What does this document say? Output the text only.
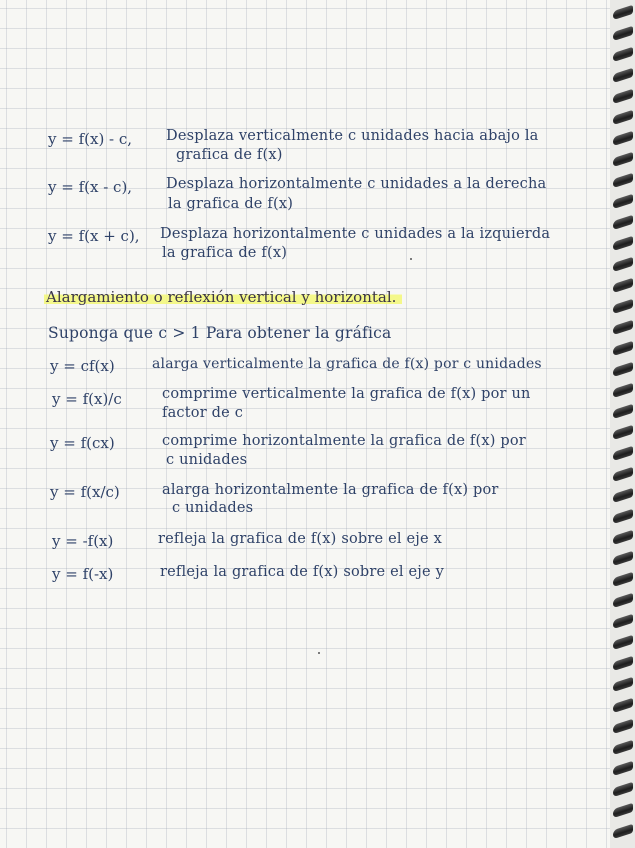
y = f(x) - c, Desplaza verticalmente c unidades hacia abajo la
grafica de f(x)
y = f(x - c), Desplaza horizontalmente c unidades a la derecha
la grafica de f(x)
y = f(x + c), Desplaza horizontalmente c unidades a la izquierda
la grafica de f(x)
Alargamiento o reflexión vertical y horizontal.
Suponga que c > 1 Para obtener la gráfica
y = cf(x)	alarga verticalmente la grafica de f(x) por c unidades
y = f(x)/c	comprime verticalmente la grafica de f(x) por un
factor de c
y = f(cx)	comprime horizontalmente la grafica de f(x) por
c unidades
y = f(x/c)	alarga horizontalmente la grafica de f(x) por
c unidades
y = -f(x)	refleja la grafica de f(x) sobre el eje x
y = f(-x)	refleja la grafica de f(x) sobre el eje y
